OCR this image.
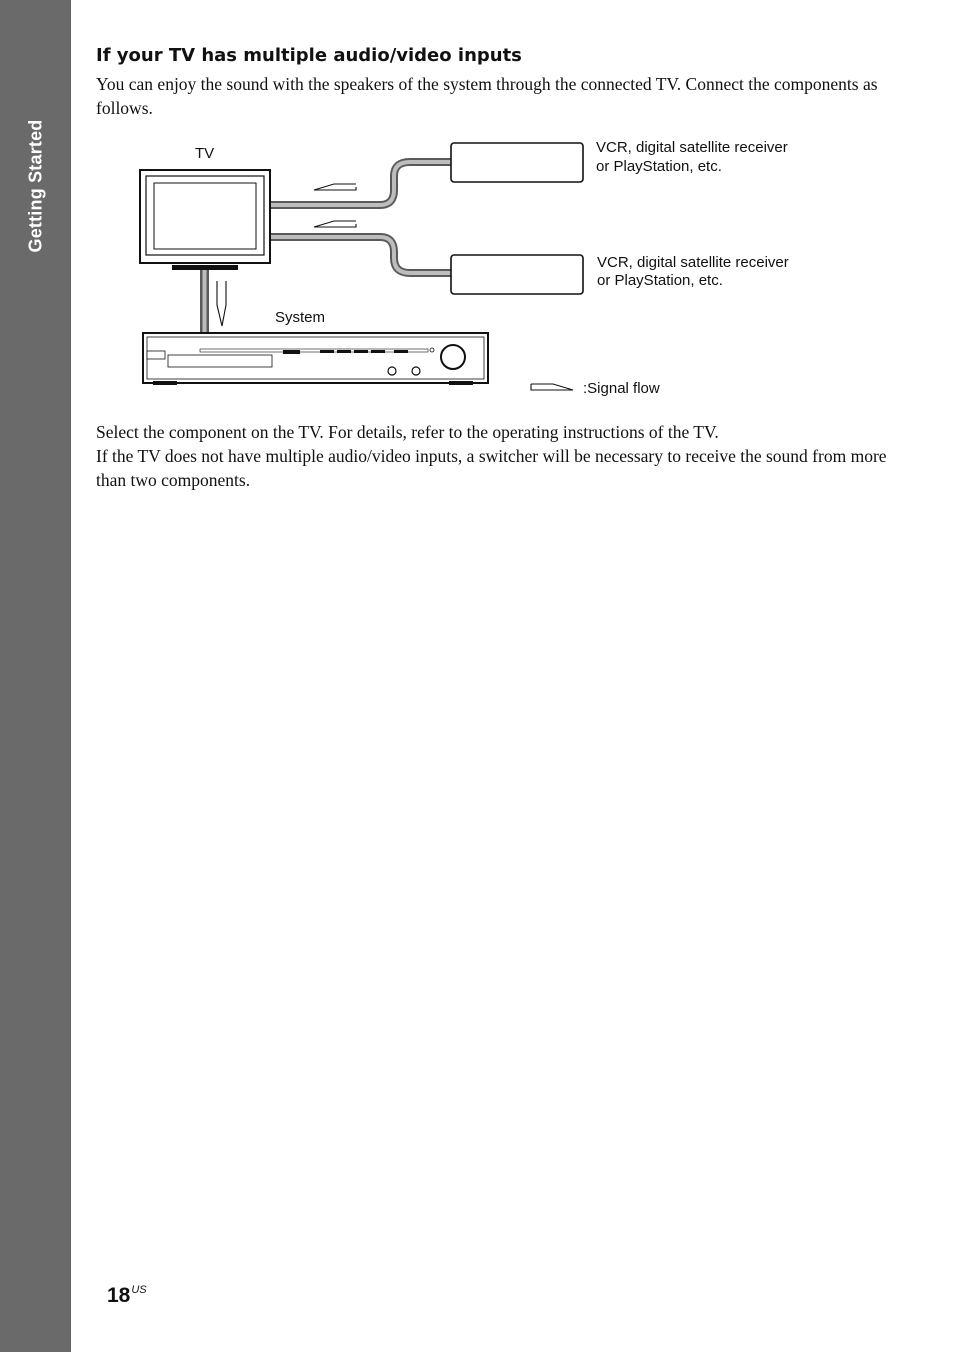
Getting Started
If your TV has multiple audio/video inputs

You can enjoy the sound with the speakers of the system through the connected TV. Connect the components as follows.

TV
System
VCR, digital satellite receiver
or PlayStation, etc.
VCR, digital satellite receiver
or PlayStation, etc.
:Signal flow
Select the component on the TV. For details, refer to the operating instructions of the TV.
If the TV does not have multiple audio/video inputs, a switcher will be necessary to receive the sound from more than two components.
$18^{US}$
